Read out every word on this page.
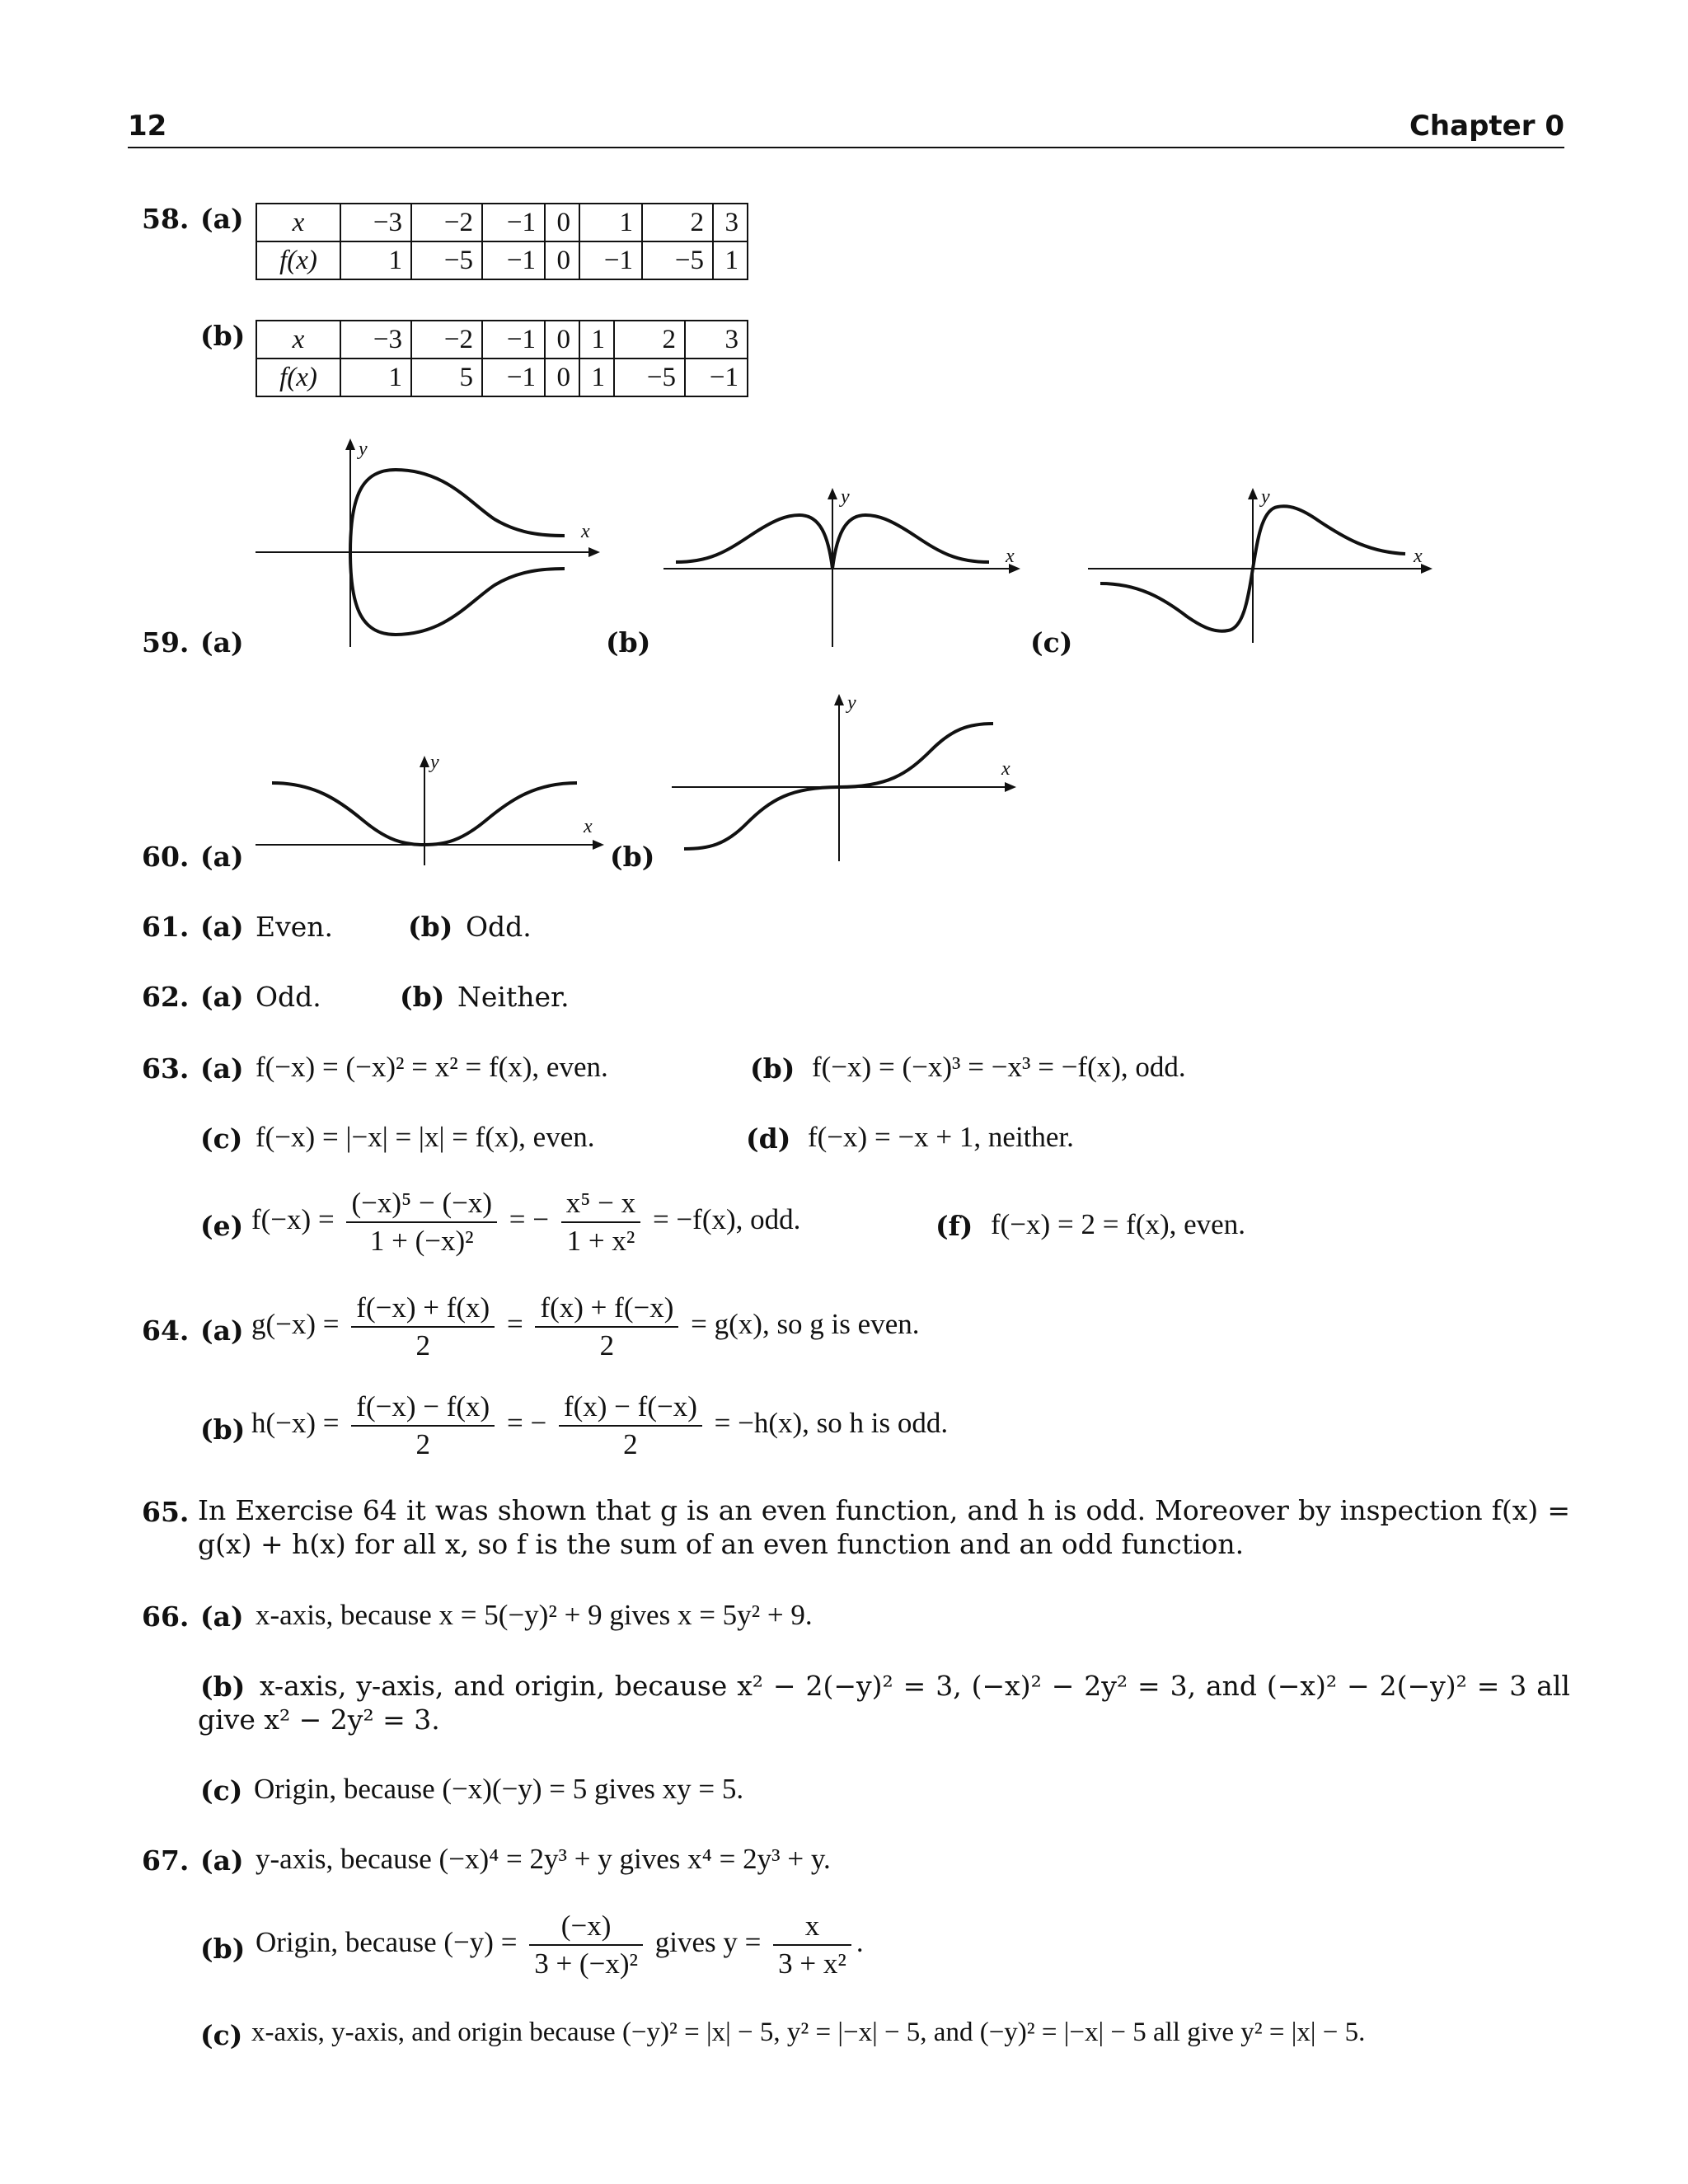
12	Chapter 0
58. (a) x	−3	−2	−1	0	1	2	3
f(x)	1	−5	−1	0	−1	−5	1
(b) x	−3	−2	−1	0	1	2	3
f(x)	1	5	−1	0	1	−5	−1
y
x
y
x
y
x
59. (a)	(b)	(c)
y
x
y
x
60. (a)	(b)
61. (a) Even.	(b) Odd.
62. (a) Odd.	(b) Neither.
63. (a) f(−x) = (−x)² = x² = f(x), even.	(b) f(−x) = (−x)³ = −x³ = −f(x), odd.
(c) f(−x) = |−x| = |x| = f(x), even.	(d) f(−x) = −x + 1, neither.
(e) $f(-x) = \frac{\text{(−x)⁵ − (−x)}}{\text{1 + (−x)²}}$ = − $\frac{\text{x⁵ − x}}{\text{1 + x²}} = -f(x)$, odd.	(f) f(−x) = 2 = f(x), even.
64. (a) $g(-x) = \frac{f(-x) + f(x)}{2} = \frac{f(x) + f(-x)}{2} = g(x)$, so g is even.
(b) $h(-x) = \frac{f(-x) - f(x)}{2}$ = − $\frac{f(x) - f(-x)}{2} = -h(x)$, so h is odd.
65. In Exercise 64 it was shown that g is an even function, and h is odd. Moreover by inspection f(x) = g(x) + h(x) for all x, so f is the sum of an even function and an odd function.
66. (a) x-axis, because x = 5(−y)² + 9 gives x = 5y² + 9.
(b) x-axis, y-axis, and origin, because x² − 2(−y)² = 3, (−x)² − 2y² = 3, and (−x)² − 2(−y)² = 3 all give x² − 2y² = 3.
(c) Origin, because (−x)(−y) = 5 gives xy = 5.
67. (a) y-axis, because (−x)⁴ = 2y³ + y gives x⁴ = 2y³ + y.
(b) Origin, because $(-y) = \frac{(-x)}{\text{3 + (−x)²}}$ gives $y = \frac{x}{\text{3 + x²}}$ .
(c) x-axis, y-axis, and origin because (−y)² = |x| − 5, y² = |−x| − 5, and (−y)² = |−x| − 5 all give y² = |x| − 5.
